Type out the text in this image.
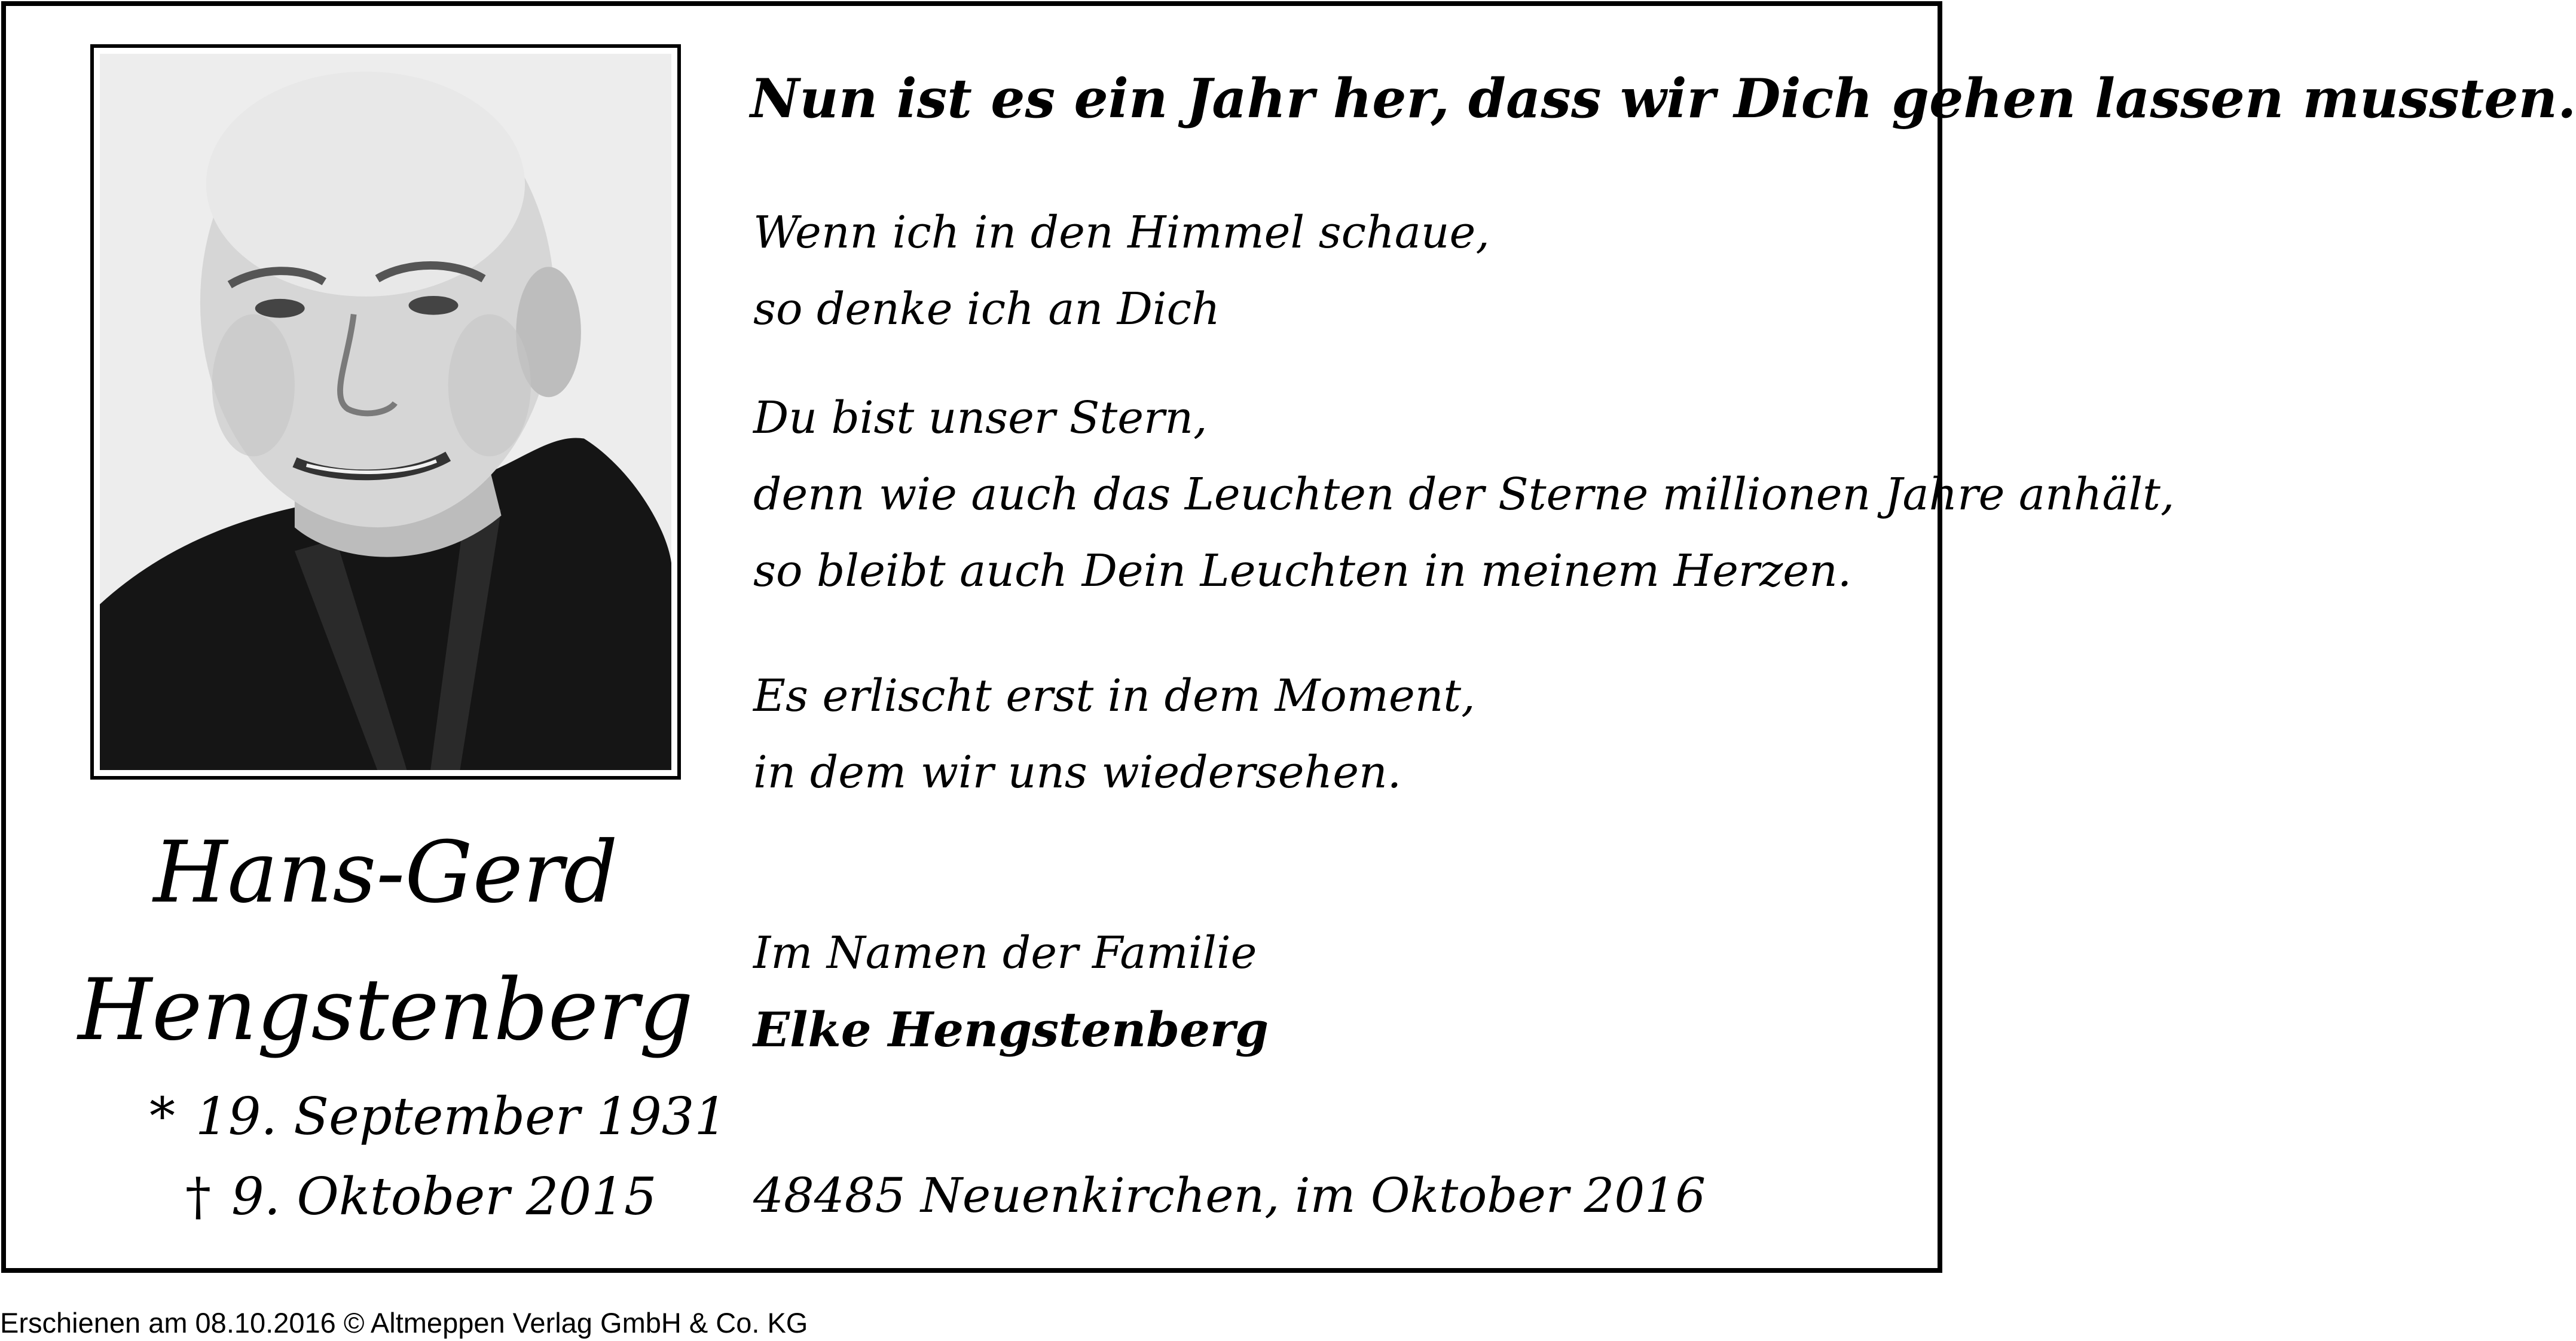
Hans-Gerd
Hengstenberg
* 19. September 1931
† 9. Oktober 2015
Nun ist es ein Jahr her, dass wir Dich gehen lassen mussten.
Wenn ich in den Himmel schaue,
so denke ich an Dich
Du bist unser Stern,
denn wie auch das Leuchten der Sterne millionen Jahre anhält,
so bleibt auch Dein Leuchten in meinem Herzen.
Es erlischt erst in dem Moment,
in dem wir uns wiedersehen.
Im Namen der Familie
Elke Hengstenberg
48485 Neuenkirchen, im Oktober 2016
Erschienen am 08.10.2016 © Altmeppen Verlag GmbH & Co. KG
